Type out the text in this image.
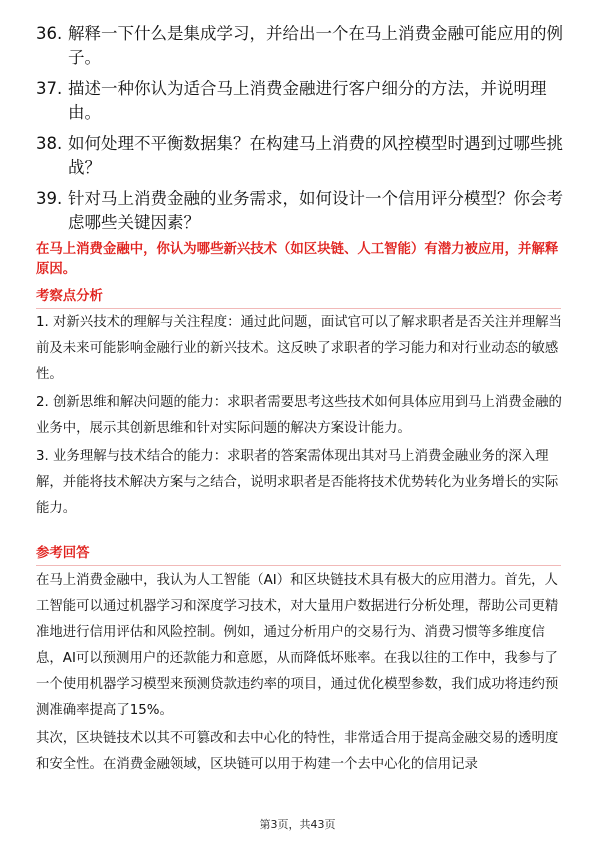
36. 解释一下什么是集成学习，并给出一个在马上消费金融可能应用的例子。
37. 描述一种你认为适合马上消费金融进行客户细分的方法，并说明理由。
38. 如何处理不平衡数据集？在构建马上消费的风控模型时遇到过哪些挑战？
39. 针对马上消费金融的业务需求，如何设计一个信用评分模型？你会考虑哪些关键因素？
在马上消费金融中，你认为哪些新兴技术（如区块链、人工智能）有潜力被应用，并解释原因。
考察点分析

1. 对新兴技术的理解与关注程度：通过此问题，面试官可以了解求职者是否关注并理解当前及未来可能影响金融行业的新兴技术。这反映了求职者的学习能力和对行业动态的敏感性。

2. 创新思维和解决问题的能力：求职者需要思考这些技术如何具体应用到马上消费金融的业务中，展示其创新思维和针对实际问题的解决方案设计能力。

3. 业务理解与技术结合的能力：求职者的答案需体现出其对马上消费金融业务的深入理解，并能将技术解决方案与之结合，说明求职者是否能将技术优势转化为业务增长的实际能力。

参考回答

在马上消费金融中，我认为人工智能（AI）和区块链技术具有极大的应用潜力。首先，人工智能可以通过机器学习和深度学习技术，对大量用户数据进行分析处理，帮助公司更精准地进行信用评估和风险控制。例如，通过分析用户的交易行为、消费习惯等多维度信息，AI可以预测用户的还款能力和意愿，从而降低坏账率。在我以往的工作中，我参与了一个使用机器学习模型来预测贷款违约率的项目，通过优化模型参数，我们成功将违约预测准确率提高了15%。

其次，区块链技术以其不可篡改和去中心化的特性，非常适合用于提高金融交易的透明度和安全性。在消费金融领域，区块链可以用于构建一个去中心化的信用记录

第3页，共43页
